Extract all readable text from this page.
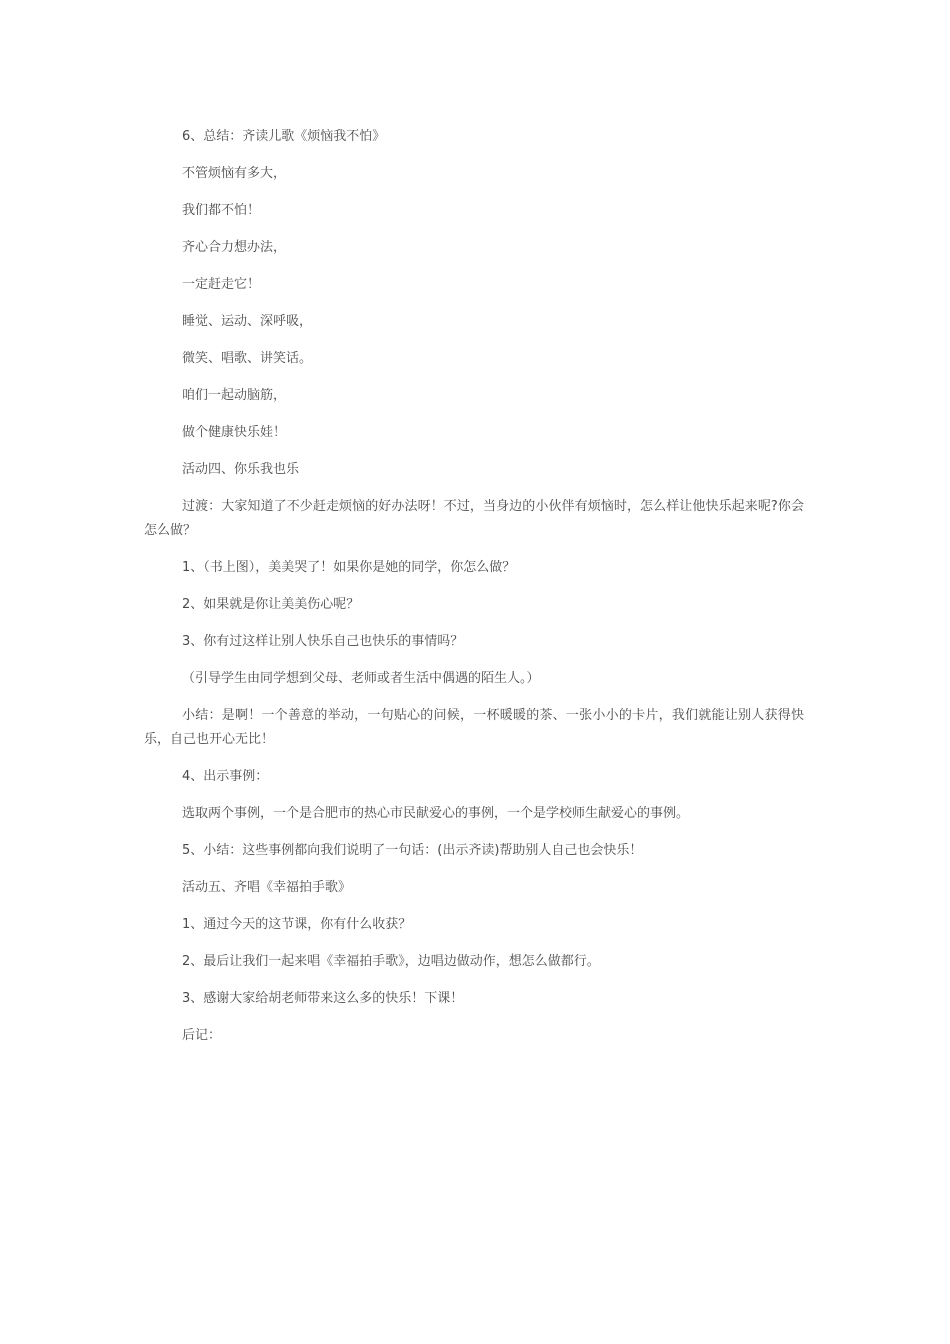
6、总结：齐读儿歌《烦恼我不怕》

不管烦恼有多大，

我们都不怕！

齐心合力想办法，

一定赶走它！

睡觉、运动、深呼吸，

微笑、唱歌、讲笑话。

咱们一起动脑筋，

做个健康快乐娃！

活动四、你乐我也乐

过渡：大家知道了不少赶走烦恼的好办法呀！不过，当身边的小伙伴有烦恼时，怎么样让他快乐起来呢?你会怎么做？

1、（书上图），美美哭了！如果你是她的同学，你怎么做？

2、如果就是你让美美伤心呢？

3、你有过这样让别人快乐自己也快乐的事情吗？

（引导学生由同学想到父母、老师或者生活中偶遇的陌生人。）

小结：是啊！一个善意的举动，一句贴心的问候，一杯暖暖的茶、一张小小的卡片，我们就能让别人获得快乐，自己也开心无比！

4、出示事例：

选取两个事例，一个是合肥市的热心市民献爱心的事例，一个是学校师生献爱心的事例。

5、小结：这些事例都向我们说明了一句话：(出示齐读)帮助别人自己也会快乐！

活动五、齐唱《幸福拍手歌》

1、通过今天的这节课，你有什么收获？

2、最后让我们一起来唱《幸福拍手歌》，边唱边做动作，想怎么做都行。

3、感谢大家给胡老师带来这么多的快乐！下课！

后记：
